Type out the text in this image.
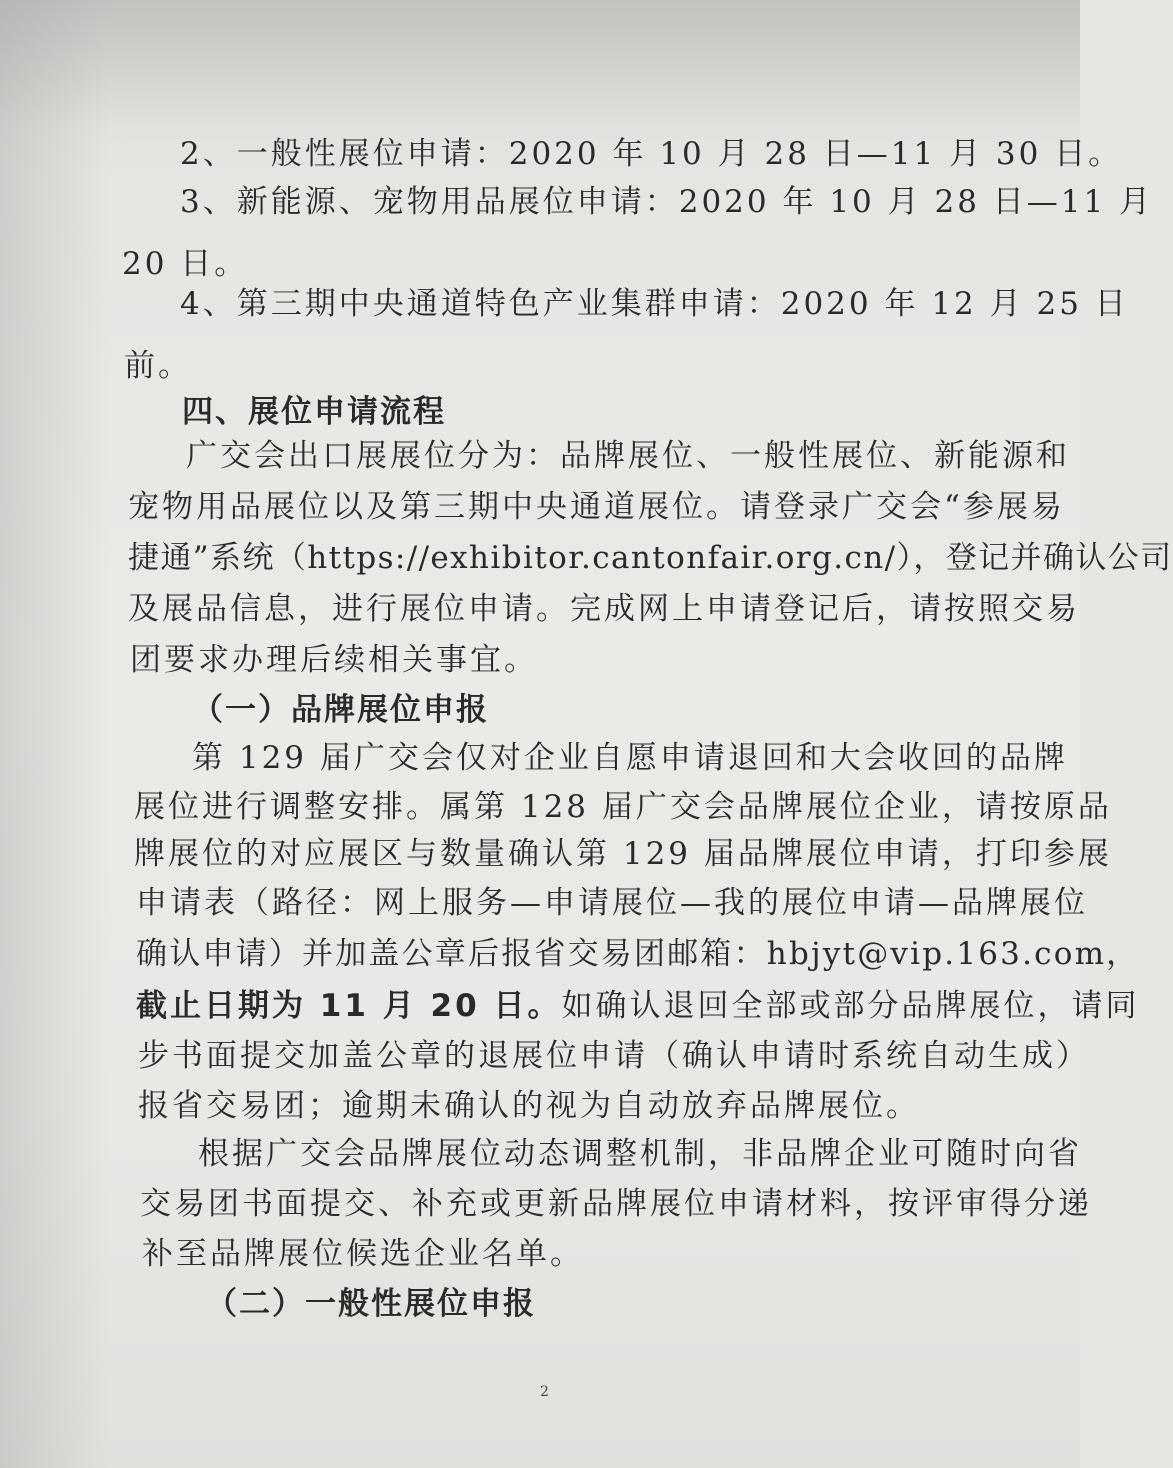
2、一般性展位申请：2020 年 10 月 28 日—11 月 30 日。
3、新能源、宠物用品展位申请：2020 年 10 月 28 日—11 月
20 日。
4、第三期中央通道特色产业集群申请：2020 年 12 月 25 日
前。
四、展位申请流程
广交会出口展展位分为：品牌展位、一般性展位、新能源和
宠物用品展位以及第三期中央通道展位。请登录广交会“参展易
捷通”系统（https://exhibitor.cantonfair.org.cn/），登记并确认公司
及展品信息，进行展位申请。完成网上申请登记后，请按照交易
团要求办理后续相关事宜。
（一）品牌展位申报
第 129 届广交会仅对企业自愿申请退回和大会收回的品牌
展位进行调整安排。属第 128 届广交会品牌展位企业，请按原品
牌展位的对应展区与数量确认第 129 届品牌展位申请，打印参展
申请表（路径：网上服务—申请展位—我的展位申请—品牌展位
确认申请）并加盖公章后报省交易团邮箱：hbjyt@vip.163.com，
截止日期为 11 月 20 日。如确认退回全部或部分品牌展位，请同
步书面提交加盖公章的退展位申请（确认申请时系统自动生成）
报省交易团；逾期未确认的视为自动放弃品牌展位。
根据广交会品牌展位动态调整机制，非品牌企业可随时向省
交易团书面提交、补充或更新品牌展位申请材料，按评审得分递
补至品牌展位候选企业名单。
（二）一般性展位申报
2
